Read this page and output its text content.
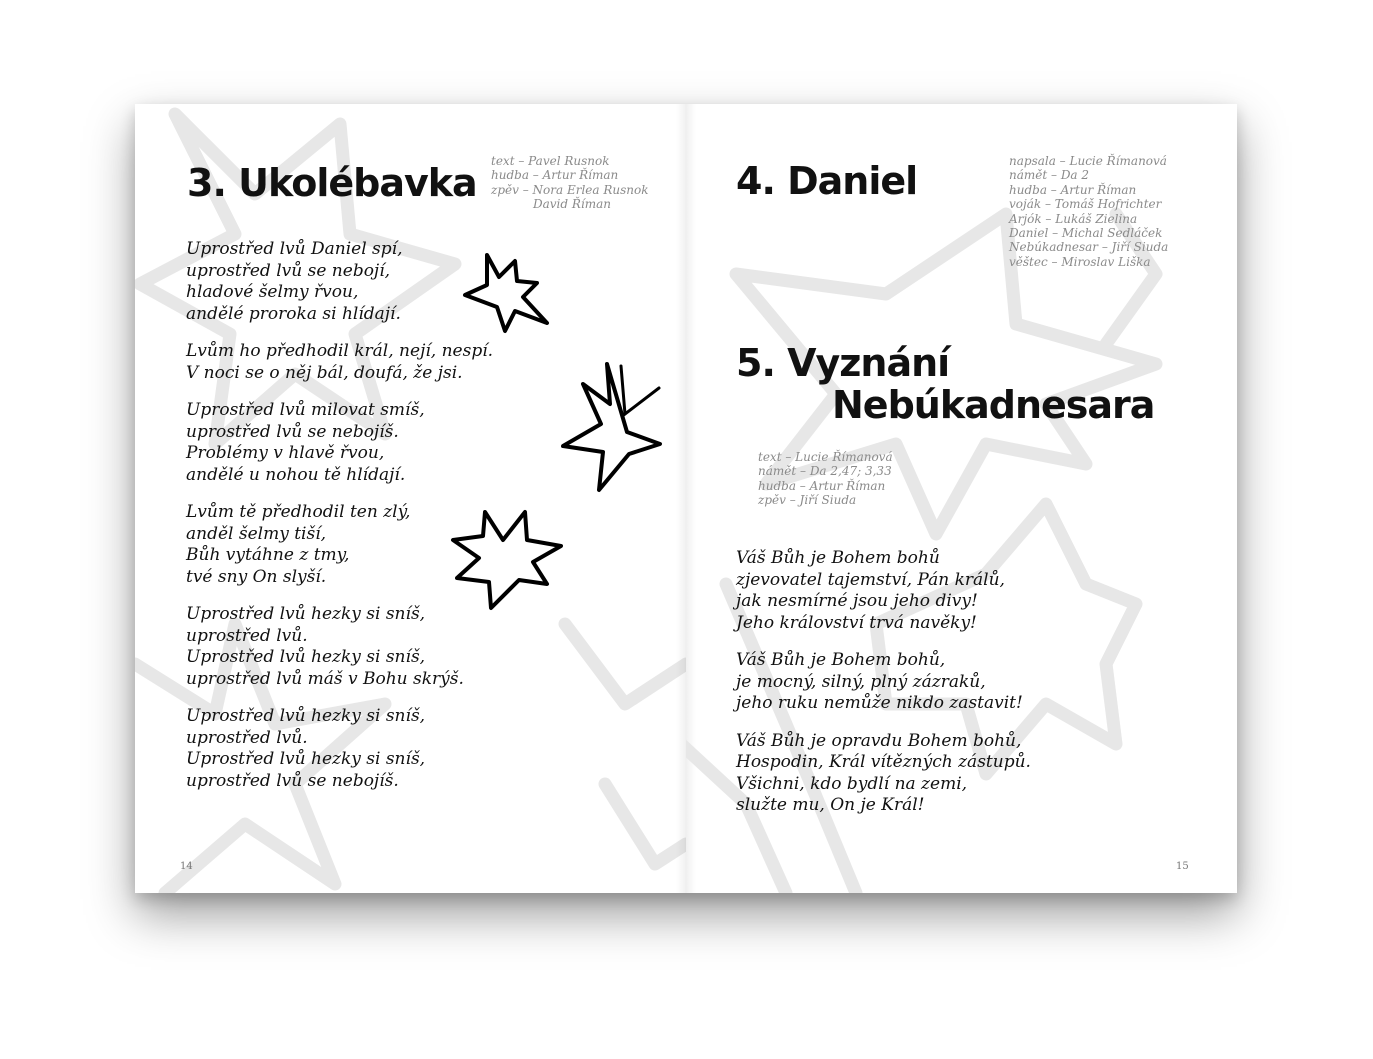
3. Ukolébavka text – Pavel Rusnok
hudba – Artur Říman
zpěv – Nora Erlea Rusnok
David Říman

Uprostřed lvů Daniel spí,
uprostřed lvů se nebojí,
hladové šelmy řvou,
andělé proroka si hlídají.

Lvům ho předhodil král, nejí, nespí.
V noci se o něj bál, doufá, že jsi.

Uprostřed lvů milovat smíš,
uprostřed lvů se nebojíš.
Problémy v hlavě řvou,
andělé u nohou tě hlídají.

Lvům tě předhodil ten zlý,
anděl šelmy tiší,
Bůh vytáhne z tmy,
tvé sny On slyší.

Uprostřed lvů hezky si sníš,
uprostřed lvů.
Uprostřed lvů hezky si sníš,
uprostřed lvů máš v Bohu skrýš.

Uprostřed lvů hezky si sníš,
uprostřed lvů.
Uprostřed lvů hezky si sníš,
uprostřed lvů se nebojíš.

14
4. Daniel	napsala – Lucie Římanová
námět – Da 2
hudba – Artur Říman
voják – Tomáš Hofrichter
Arjók – Lukáš Zielina
Daniel – Michal Sedláček
Nebúkadnesar – Jiří Siuda
věštec – Miroslav Liška
5. Vyznání
Nebúkadnesara
text – Lucie Římanová
námět – Da 2,47; 3,33
hudba – Artur Říman
zpěv – Jiří Siuda

Váš Bůh je Bohem bohů
zjevovatel tajemství, Pán králů,
jak nesmírné jsou jeho divy!
Jeho království trvá navěky!

Váš Bůh je Bohem bohů,
je mocný, silný, plný zázraků,
jeho ruku nemůže nikdo zastavit!

Váš Bůh je opravdu Bohem bohů,
Hospodin, Král vítězných zástupů.
Všichni, kdo bydlí na zemi,
služte mu, On je Král!

15
